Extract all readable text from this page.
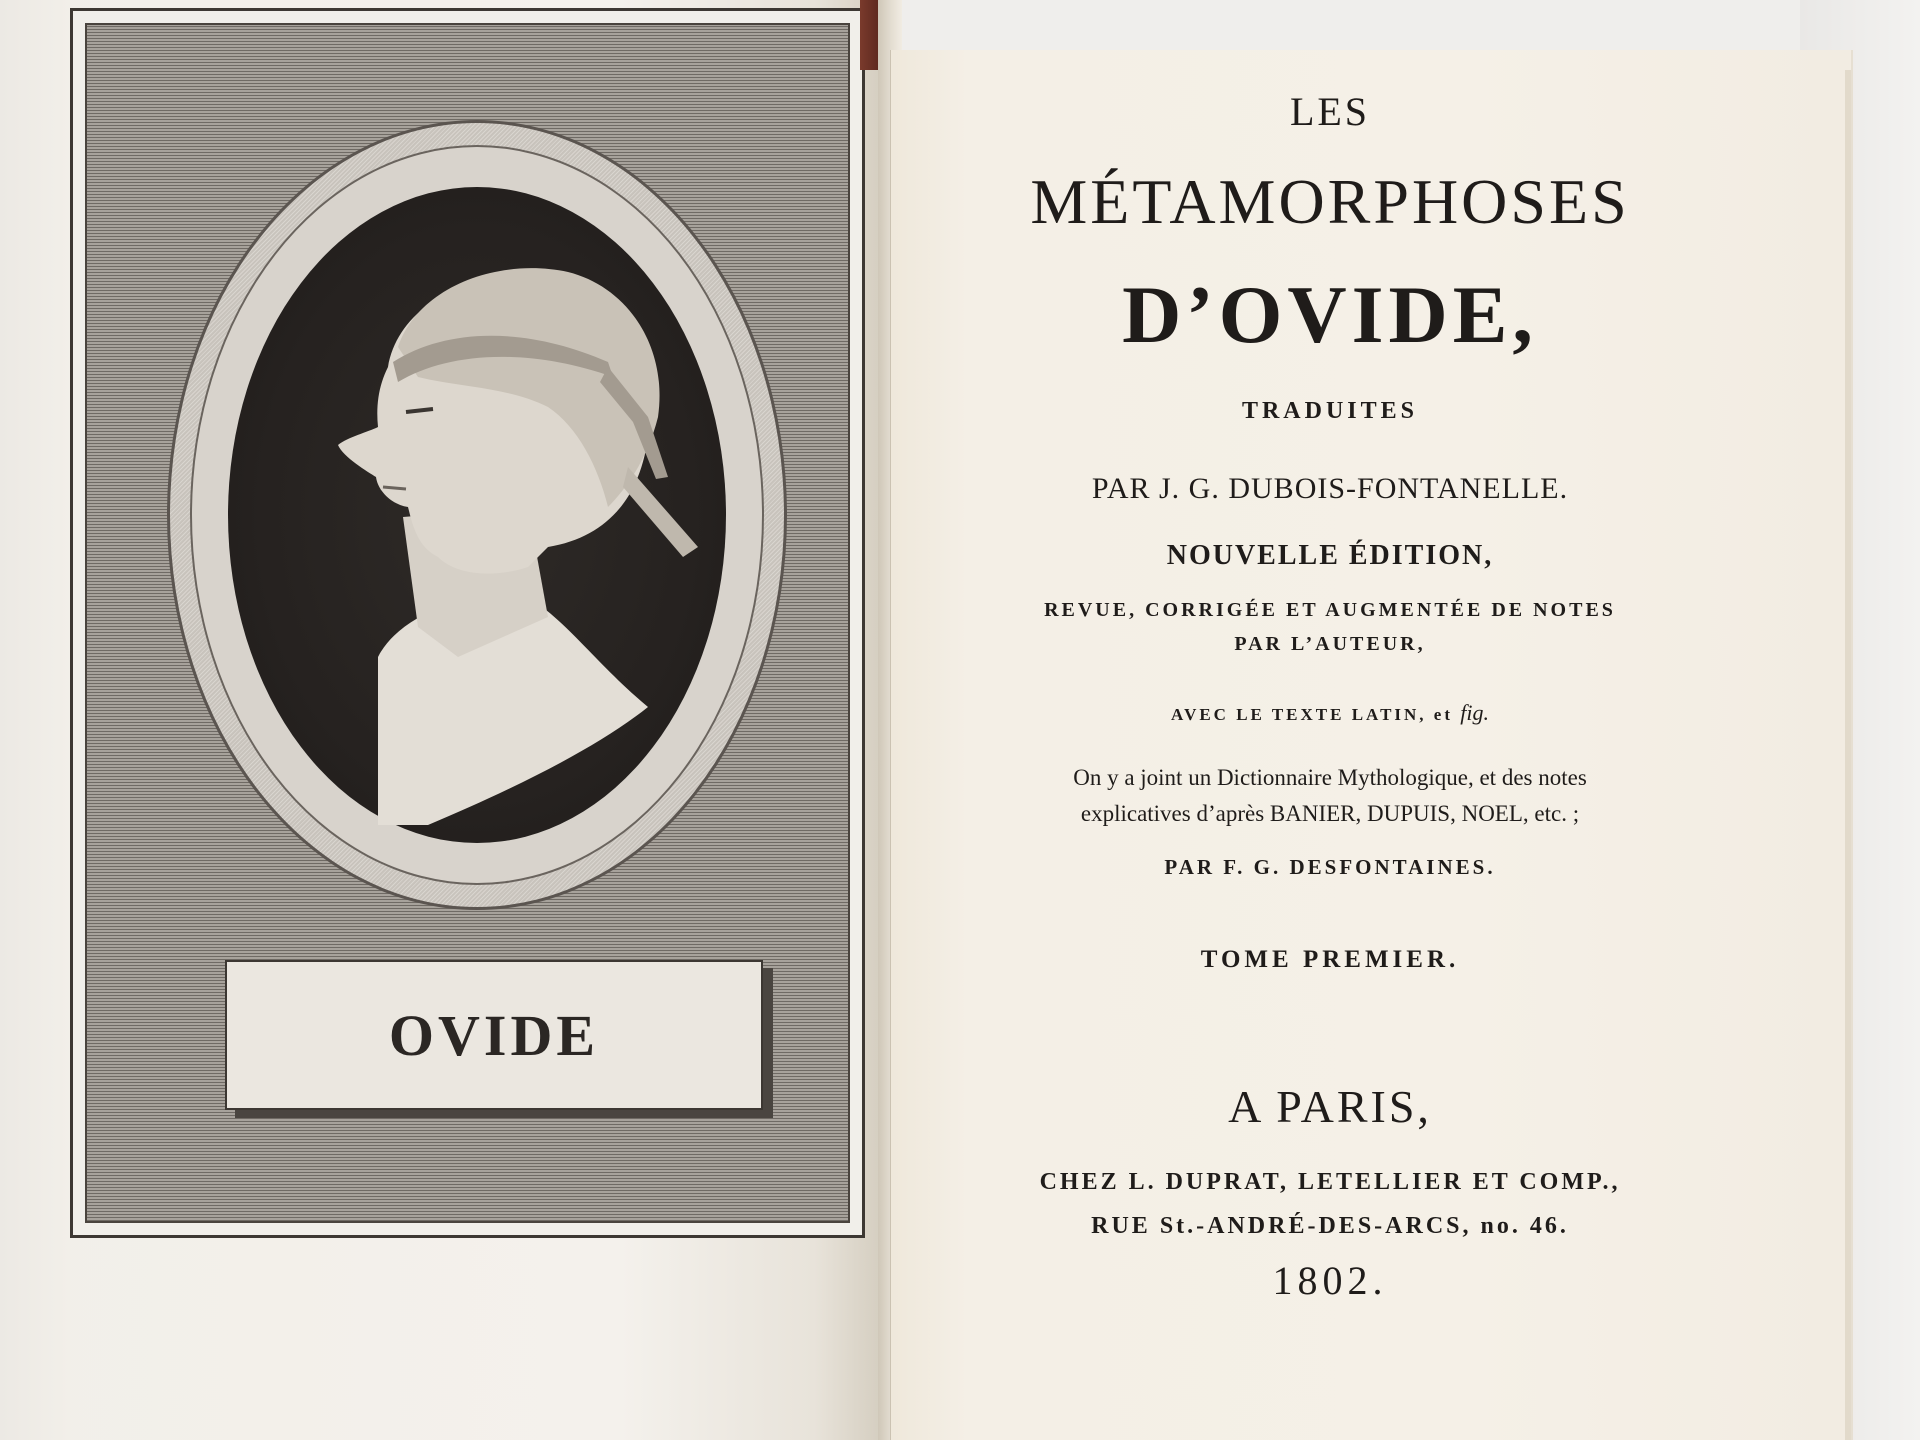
OVIDE
LES
MÉTAMORPHOSES
D’OVIDE,
TRADUITES
PAR J. G. DUBOIS-FONTANELLE.
NOUVELLE ÉDITION,
REVUE, CORRIGÉE ET AUGMENTÉE DE NOTES
PAR L’AUTEUR,
AVEC LE TEXTE LATIN, et fig.
On y a joint un Dictionnaire Mythologique, et des notes
explicatives d’après BANIER, DUPUIS, NOEL, etc. ;
PAR F. G. DESFONTAINES.
TOME PREMIER.
A PARIS,
CHEZ L. DUPRAT, LETELLIER ET COMP.,
RUE St.-ANDRÉ-DES-ARCS, no. 46.
1802.
